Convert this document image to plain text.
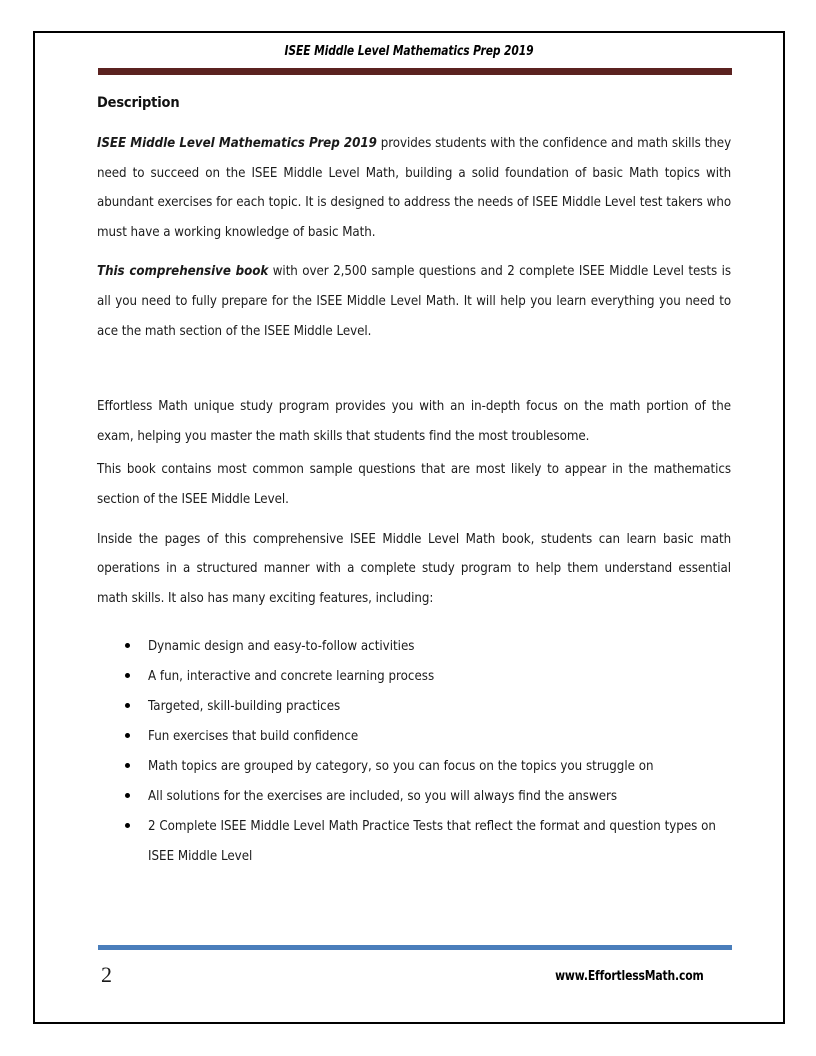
ISEE Middle Level Mathematics Prep 2019
Description

ISEE Middle Level Mathematics Prep 2019 provides students with the confidence and math skills they need to succeed on the ISEE Middle Level Math, building a solid foundation of basic Math topics with abundant exercises for each topic. It is designed to address the needs of ISEE Middle Level test takers who must have a working knowledge of basic Math.

This comprehensive book with over 2,500 sample questions and 2 complete ISEE Middle Level tests is all you need to fully prepare for the ISEE Middle Level Math. It will help you learn everything you need to ace the math section of the ISEE Middle Level.

Effortless Math unique study program provides you with an in-depth focus on the math portion of the exam, helping you master the math skills that students find the most troublesome.

This book contains most common sample questions that are most likely to appear in the mathematics section of the ISEE Middle Level.

Inside the pages of this comprehensive ISEE Middle Level Math book, students can learn basic math operations in a structured manner with a complete study program to help them understand essential math skills. It also has many exciting features, including:

Dynamic design and easy-to-follow activities
A fun, interactive and concrete learning process
Targeted, skill-building practices
Fun exercises that build confidence
Math topics are grouped by category, so you can focus on the topics you struggle on
All solutions for the exercises are included, so you will always find the answers
2 Complete ISEE Middle Level Math Practice Tests that reflect the format and question types on ISEE Middle Level
2	www.EffortlessMath.com
